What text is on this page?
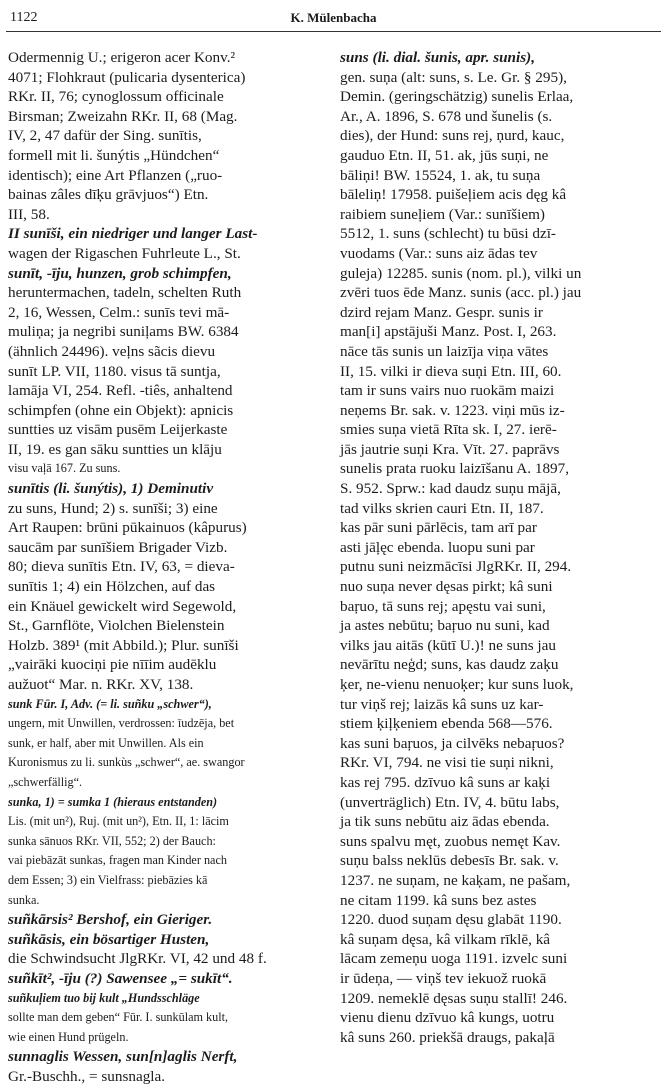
1122	K. Mülenbacha
Odermennig U.; erigeron acer Konv.²
4071; Flohkraut (pulicaria dysenterica)
RKr. II, 76; cynoglossum officinale
Birsman; Zweizahn RKr. II, 68 (Mag.
IV, 2, 47 dafür der Sing. sunītis,
formell mit li. šunýtis „Hündchen“
identisch); eine Art Pflanzen („ruo-
bainas zâles dīķu grāvjuos“) Etn.
III, 58.
II sunīši, ein niedriger und langer Last-
wagen der Rigaschen Fuhrleute L., St.
sunīt, -īju, hunzen, grob schimpfen,
heruntermachen, tadeln, schelten Ruth
2, 16, Wessen, Celm.: sunīs tevi mā-
muliņa; ja negribi suniļams BW. 6384
(ähnlich 24496). veļns sãcis dievu
sunīt LP. VII, 1180. visus tā suntja,
lamāja VI, 254. Refl. -tiês, anhaltend
schimpfen (ohne ein Objekt): apnicis
suntties uz visām pusēm Leijerkaste
II, 19. es gan sāku suntties un klāju
visu vaļā 167. Zu suns.
sunītis (li. šunýtis), 1) Deminutiv
zu suns, Hund; 2) s. sunīši; 3) eine
Art Raupen: brūni pūkainuos (kâpurus)
saucām par sunīšiem Brigader Vizb.
80; dieva sunītis Etn. IV, 63, = dieva-
sunītis 1; 4) ein Hölzchen, auf das
ein Knäuel gewickelt wird Segewold,
St., Garnflöte, Violchen Bielenstein
Holzb. 389¹ (mit Abbild.); Plur. sunīši
„vairāki kuociņi pie nīīim audēklu
aužuot“ Mar. n. RKr. XV, 138.
sunk Fūr. I, Adv. (= li. suñku „schwer“),
ungern, mit Unwillen, verdrossen: īudzēja, bet
sunk, er half, aber mit Unwillen. Als ein
Kuronismus zu li. sunkùs „schwer“, ae. swangor
„schwerfällig“.
sunka, 1) = sumka 1 (hieraus entstanden)
Lis. (mit un²), Ruj. (mit un²), Etn. II, 1: lācim
sunka sānuos RKr. VII, 552; 2) der Bauch:
vai piebāzāt sunkas, fragen man Kinder nach
dem Essen; 3) ein Vielfrass: piebāzies kā
sunka.
suñkārsis² Bershof, ein Gieriger.
suñkāsis, ein bösartiger Husten,
die Schwindsucht JlgRKr. VI, 42 und 48 f.
suñkīt², -īju (?) Sawensee „= sukīt“.
suñkuļiem tuo bij kult „Hundsschläge
sollte man dem geben“ Fūr. I. sunkūlam kult,
wie einen Hund prügeln.
sunnaglis Wessen, sun[n]aglis Nerft,
Gr.-Buschh., = sunsnagla.
suns (li. dial. šunis, apr. sunis),
gen. suņa (alt: suns, s. Le. Gr. § 295),
Demin. (geringschätzig) sunelis Erlaa,
Ar., A. 1896, S. 678 und šunelis (s.
dies), der Hund: suns rej, ņurd, kauc,
gauduo Etn. II, 51. ak, jūs suņi, ne
bāliņi! BW. 15524, 1. ak, tu suņa
bāleliņ! 17958. puišeļiem acis dęg kâ
raibiem suneļiem (Var.: sunīšiem)
5512, 1. suns (schlecht) tu būsi dzī-
vuodams (Var.: suns aiz ādas tev
guleja) 12285. sunis (nom. pl.), vilki un
zvēri tuos ēde Manz. sunis (acc. pl.) jau
dzird rejam Manz. Gespr. sunis ir
man[i] apstājuši Manz. Post. I, 263.
nāce tās sunis un laizīja viņa vātes
II, 15. vilki ir dieva suņi Etn. III, 60.
tam ir suns vairs nuo ruokām maizi
neņems Br. sak. v. 1223. viņi mūs iz-
smies suņa vietā Rīta sk. I, 27. ierē-
jās jautrie suņi Kra. Vīt. 27. paprāvs
sunelis prata ruoku laizīšanu A. 1897,
S. 952. Sprw.: kad daudz suņu mājā,
tad vilks skrien cauri Etn. II, 187.
kas pār suni pārlēcis, tam arī par
asti jāļęc ebenda. luopu suni par
putnu suni neizmācīsi JlgRKr. II, 294.
nuo suņa never dęsas pirkt; kâ suni
baŗuo, tā suns rej; apęstu vai suni,
ja astes nebūtu; baŗuo nu suni, kad
vilks jau aitās (kūtī U.)! ne suns jau
nevārītu neģd; suns, kas daudz zaķu
ķer, ne-vienu nenuoķer; kur suns luok,
tur viņš rej; laizās kâ suns uz kar-
stiem ķiļķeniem ebenda 568—576.
kas suni baŗuos, ja cilvēks nebaŗuos?
RKr. VI, 794. ne visi tie suņi nikni,
kas rej 795. dzīvuo kâ suns ar kaķi
(unverträglich) Etn. IV, 4. būtu labs,
ja tik suns nebūtu aiz ādas ebenda.
suns spalvu męt, zuobus nemęt Kav.
suņu balss neklūs debesīs Br. sak. v.
1237. ne suņam, ne kaķam, ne pašam,
ne citam 1199. kâ suns bez astes
1220. duod suņam dęsu glabāt 1190.
kâ suņam dęsa, kâ vilkam rīklē, kâ
lācam zemeņu uoga 1191. izvelc suni
ir ūdeņa, — viņš tev iekuož ruokā
1209. nemeklē dęsas suņu stallī! 246.
vienu dienu dzīvuo kâ kungs, uotru
kâ suns 260. priekšā draugs, pakaļā
